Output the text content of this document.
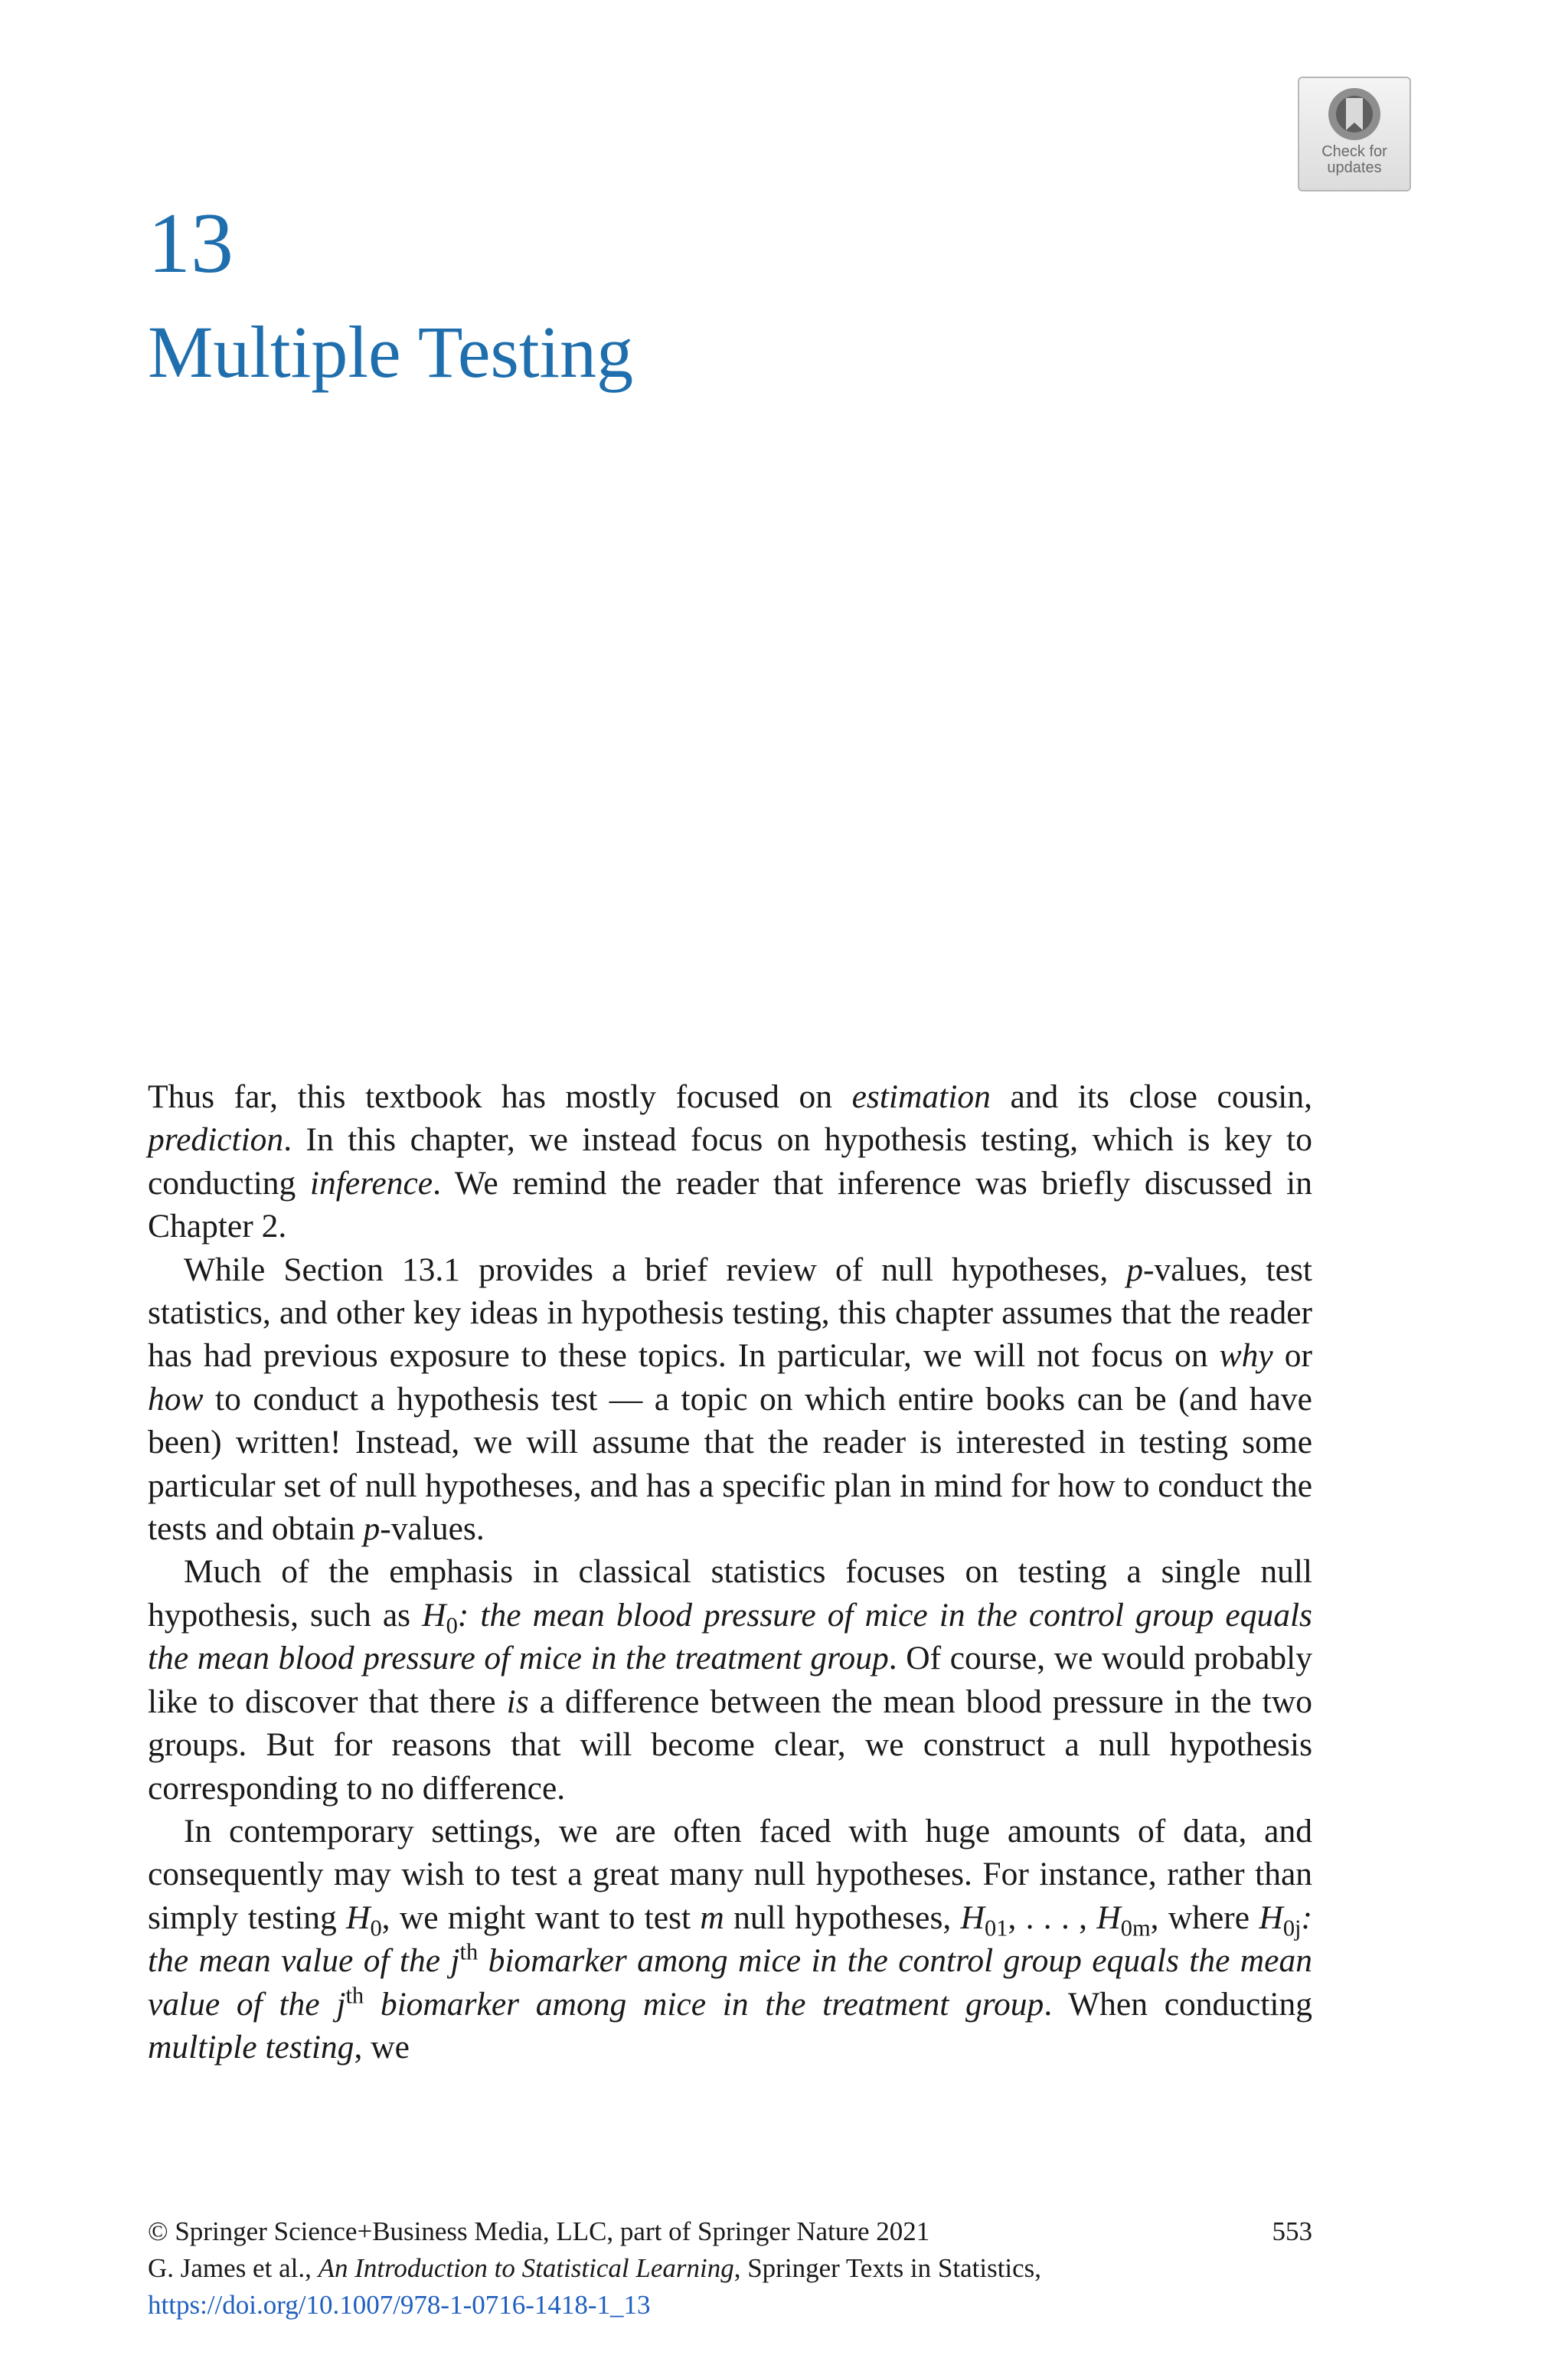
Check for
updates
13
Multiple Testing

Thus far, this textbook has mostly focused on estimation and its close cousin, prediction. In this chapter, we instead focus on hypothesis testing, which is key to conducting inference. We remind the reader that inference was briefly discussed in Chapter 2.

While Section 13.1 provides a brief review of null hypotheses, p-values, test statistics, and other key ideas in hypothesis testing, this chapter assumes that the reader has had previous exposure to these topics. In particular, we will not focus on why or how to conduct a hypothesis test — a topic on which entire books can be (and have been) written! Instead, we will assume that the reader is interested in testing some particular set of null hypotheses, and has a specific plan in mind for how to conduct the tests and obtain p-values.

Much of the emphasis in classical statistics focuses on testing a single null hypothesis, such as $H_0$: the mean blood pressure of mice in the control group equals the mean blood pressure of mice in the treatment group. Of course, we would probably like to discover that there is a difference between the mean blood pressure in the two groups. But for reasons that will become clear, we construct a null hypothesis corresponding to no difference.

In contemporary settings, we are often faced with huge amounts of data, and consequently may wish to test a great many null hypotheses. For instance, rather than simply testing $H_0$, we might want to test m null hypotheses, $H_{01}$, . . . , $H_{0m}$, where $H_{0j}$: the mean value of the $j^{th}$ biomarker among mice in the control group equals the mean value of the $j^{th}$ biomarker among mice in the treatment group. When conducting multiple testing, we

© Springer Science+Business Media, LLC, part of Springer Nature 2021	553
G. James et al., An Introduction to Statistical Learning, Springer Texts in Statistics,
https://doi.org/10.1007/978-1-0716-1418-1_13
